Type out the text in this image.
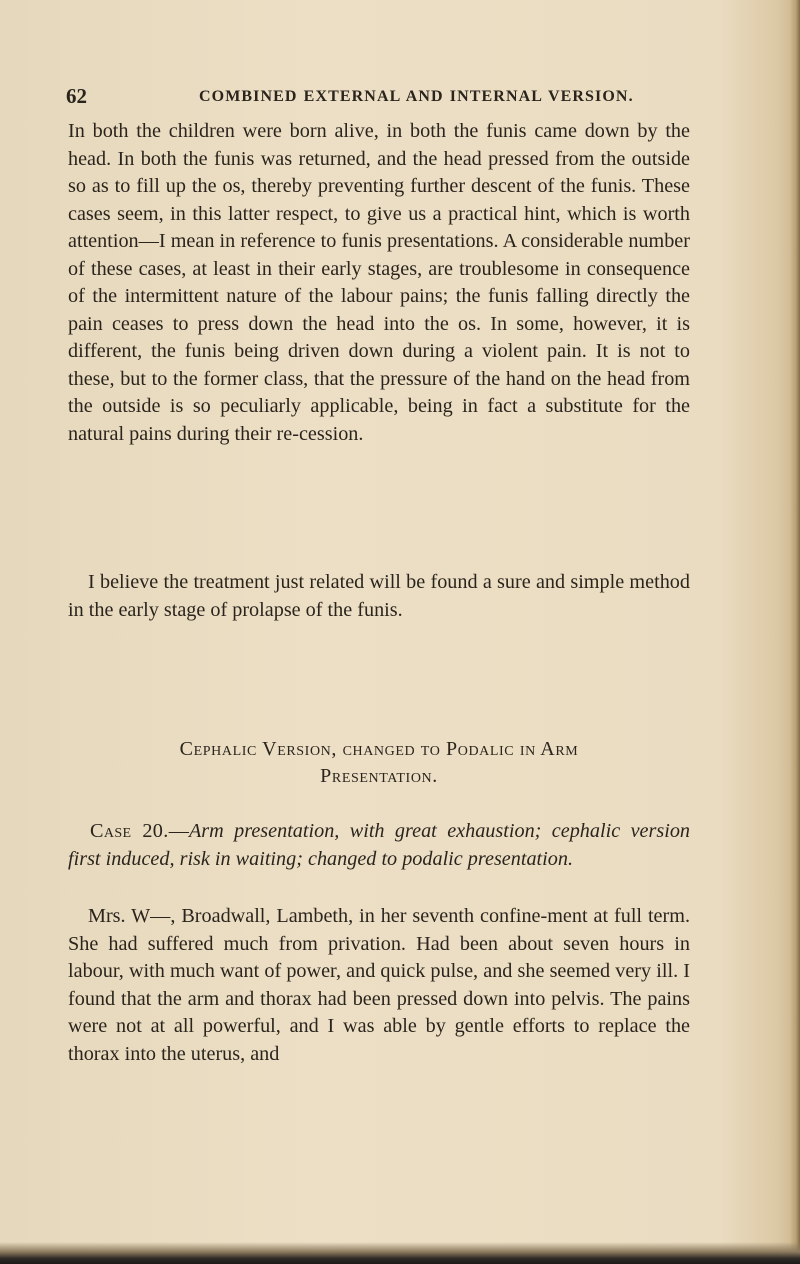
62	COMBINED EXTERNAL AND INTERNAL VERSION.
In both the children were born alive, in both the funis came down by the head. In both the funis was returned, and the head pressed from the outside so as to fill up the os, thereby preventing further descent of the funis. These cases seem, in this latter respect, to give us a practical hint, which is worth attention—I mean in reference to funis presentations. A considerable number of these cases, at least in their early stages, are troublesome in consequence of the intermittent nature of the labour pains; the funis falling directly the pain ceases to press down the head into the os. In some, however, it is different, the funis being driven down during a violent pain. It is not to these, but to the former class, that the pressure of the hand on the head from the outside is so peculiarly applicable, being in fact a substitute for the natural pains during their re-cession.
I believe the treatment just related will be found a sure and simple method in the early stage of prolapse of the funis.
Cephalic Version, changed to Podalic in Arm
Presentation.
Case 20.—Arm presentation, with great exhaustion; cephalic version first induced, risk in waiting; changed to podalic presentation.
Mrs. W—, Broadwall, Lambeth, in her seventh confine-ment at full term. She had suffered much from privation. Had been about seven hours in labour, with much want of power, and quick pulse, and she seemed very ill. I found that the arm and thorax had been pressed down into pelvis. The pains were not at all powerful, and I was able by gentle efforts to replace the thorax into the uterus, and
